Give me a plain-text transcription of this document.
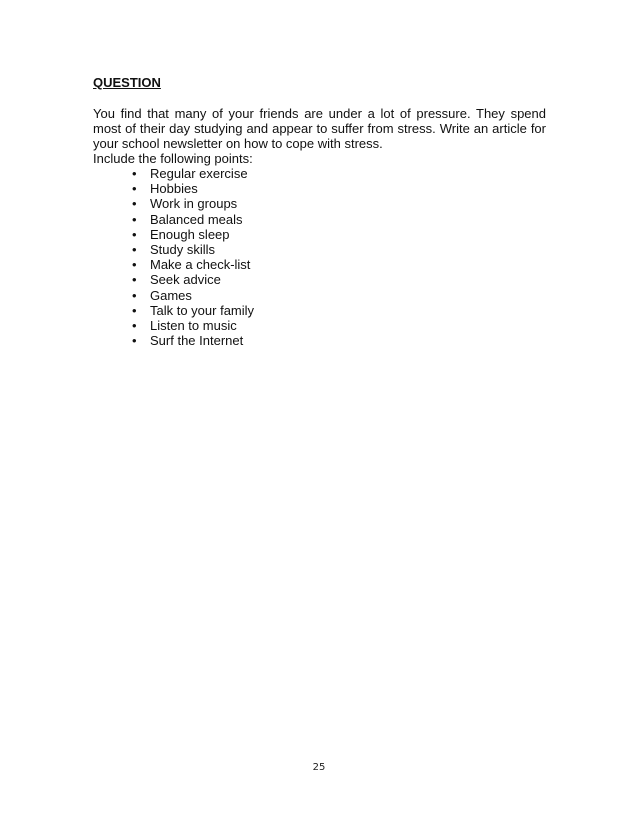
QUESTION

You find that many of your friends are under a lot of pressure. They spend most of their day studying and appear to suffer from stress. Write an article for your school newsletter on how to cope with stress.

Include the following points:

•	Regular exercise
•	Hobbies
•	Work in groups
•	Balanced meals
•	Enough sleep
•	Study skills
•	Make a check-list
•	Seek advice
•	Games
•	Talk to your family
•	Listen to music
•	Surf the Internet
25
